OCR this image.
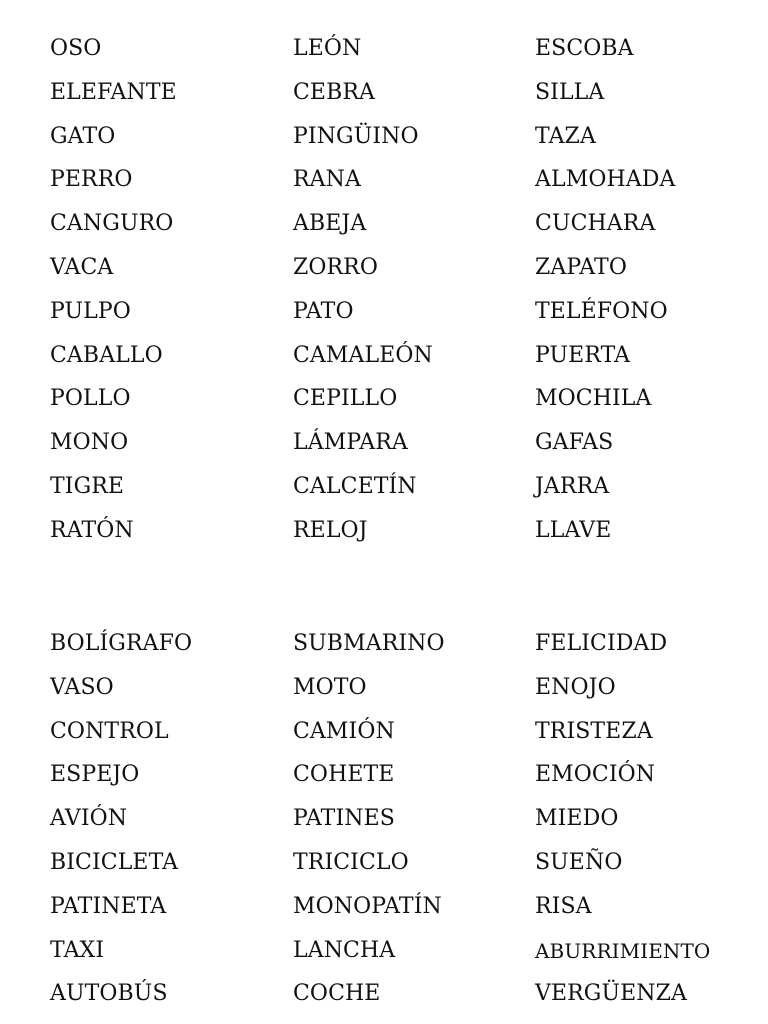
OSO
ELEFANTE
GATO
PERRO
CANGURO
VACA
PULPO
CABALLO
POLLO
MONO
TIGRE
RATÓN
LEÓN
CEBRA
PINGÜINO
RANA
ABEJA
ZORRO
PATO
CAMALEÓN
CEPILLO
LÁMPARA
CALCETÍN
RELOJ
ESCOBA
SILLA
TAZA
ALMOHADA
CUCHARA
ZAPATO
TELÉFONO
PUERTA
MOCHILA
GAFAS
JARRA
LLAVE
BOLÍGRAFO
VASO
CONTROL
ESPEJO
AVIÓN
BICICLETA
PATINETA
TAXI
AUTOBÚS
SUBMARINO
MOTO
CAMIÓN
COHETE
PATINES
TRICICLO
MONOPATÍN
LANCHA
COCHE
FELICIDAD
ENOJO
TRISTEZA
EMOCIÓN
MIEDO
SUEÑO
RISA
ABURRIMIENTO
VERGÜENZA
